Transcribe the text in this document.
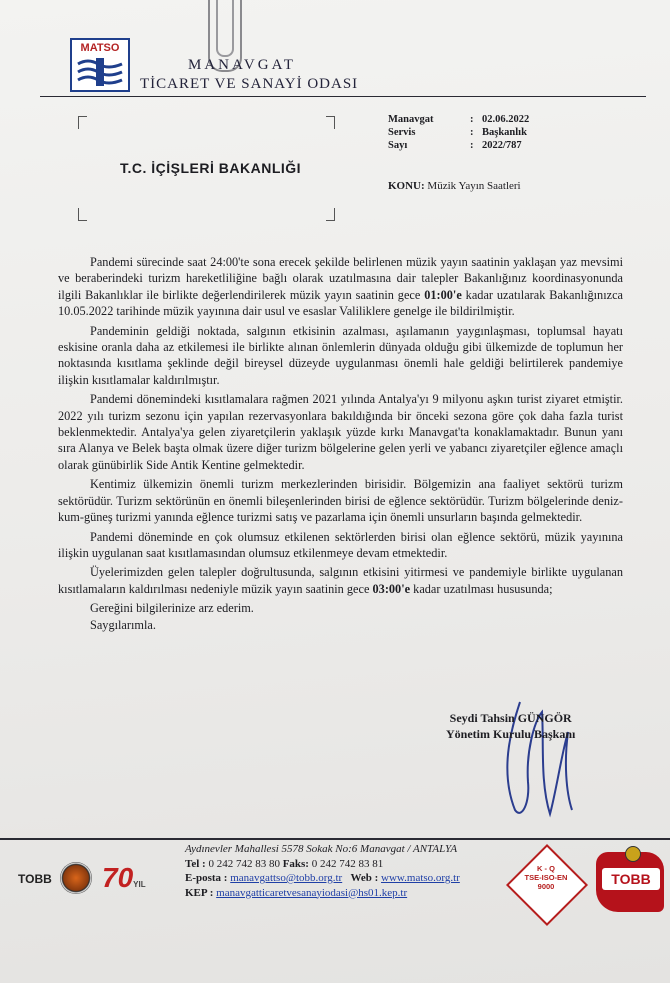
MATSO
MANAVGAT
TİCARET VE SANAYİ ODASI
T.C. İÇİŞLERİ BAKANLIĞI
Manavgat	: 02.06.2022
Servis	: Başkanlık
Sayı	: 2022/787
KONU: Müzik Yayın Saatleri

Pandemi sürecinde saat 24:00'te sona erecek şekilde belirlenen müzik yayın saatinin yaklaşan yaz mevsimi ve beraberindeki turizm hareketliliğine bağlı olarak uzatılmasına dair talepler Bakanlığınız koordinasyonunda ilgili Bakanlıklar ile birlikte değerlendirilerek müzik yayın saatinin gece 01:00'e kadar uzatılarak Bakanlığınızca 10.05.2022 tarihinde müzik yayınına dair usul ve esaslar Valiliklere genelge ile bildirilmiştir.

Pandeminin geldiği noktada, salgının etkisinin azalması, aşılamanın yaygınlaşması, toplumsal hayatı eskisine oranla daha az etkilemesi ile birlikte alınan önlemlerin dünyada olduğu gibi ülkemizde de toplumun her noktasında kısıtlama şeklinde değil bireysel düzeyde uygulanması önemli hale geldiği belirtilerek pandemiye ilişkin kısıtlamalar kaldırılmıştır.

Pandemi dönemindeki kısıtlamalara rağmen 2021 yılında Antalya'yı 9 milyonu aşkın turist ziyaret etmiştir. 2022 yılı turizm sezonu için yapılan rezervasyonlara bakıldığında bir önceki sezona göre çok daha fazla turist beklenmektedir. Antalya'ya gelen ziyaretçilerin yaklaşık yüzde kırkı Manavgat'ta konaklamaktadır. Bunun yanı sıra Alanya ve Belek başta olmak üzere diğer turizm bölgelerine gelen yerli ve yabancı ziyaretçiler eğlence amaçlı olarak günübirlik Side Antik Kentine gelmektedir.

Kentimiz ülkemizin önemli turizm merkezlerinden birisidir. Bölgemizin ana faaliyet sektörü turizm sektörüdür. Turizm sektörünün en önemli bileşenlerinden birisi de eğlence sektörüdür. Turizm bölgelerinde deniz-kum-güneş turizmi yanında eğlence turizmi satış ve pazarlama için önemli unsurların başında gelmektedir.

Pandemi döneminde en çok olumsuz etkilenen sektörlerden birisi olan eğlence sektörü, müzik yayınına ilişkin uygulanan saat kısıtlamasından olumsuz etkilenmeye devam etmektedir.

Üyelerimizden gelen talepler doğrultusunda, salgının etkisini yitirmesi ve pandemiyle birlikte uygulanan kısıtlamaların kaldırılması nedeniyle müzik yayın saatinin gece 03:00'e kadar uzatılması hususunda;

Gereğini bilgilerinize arz ederim.

Saygılarımla.

Seydi Tahsin GÜNGÖR
Yönetim Kurulu Başkanı
TOBB 70YIL
Aydınevler Mahallesi 5578 Sokak No:6 Manavgat / ANTALYA
Tel : 0 242 742 83 80 Faks: 0 242 742 83 81
E-posta : manavgattso@tobb.org.tr Web : www.matso.org.tr
KEP : manavgatticaretvesanayiodasi@hs01.kep.tr
K - Q
TSE-ISO-EN
9000	TOBB
